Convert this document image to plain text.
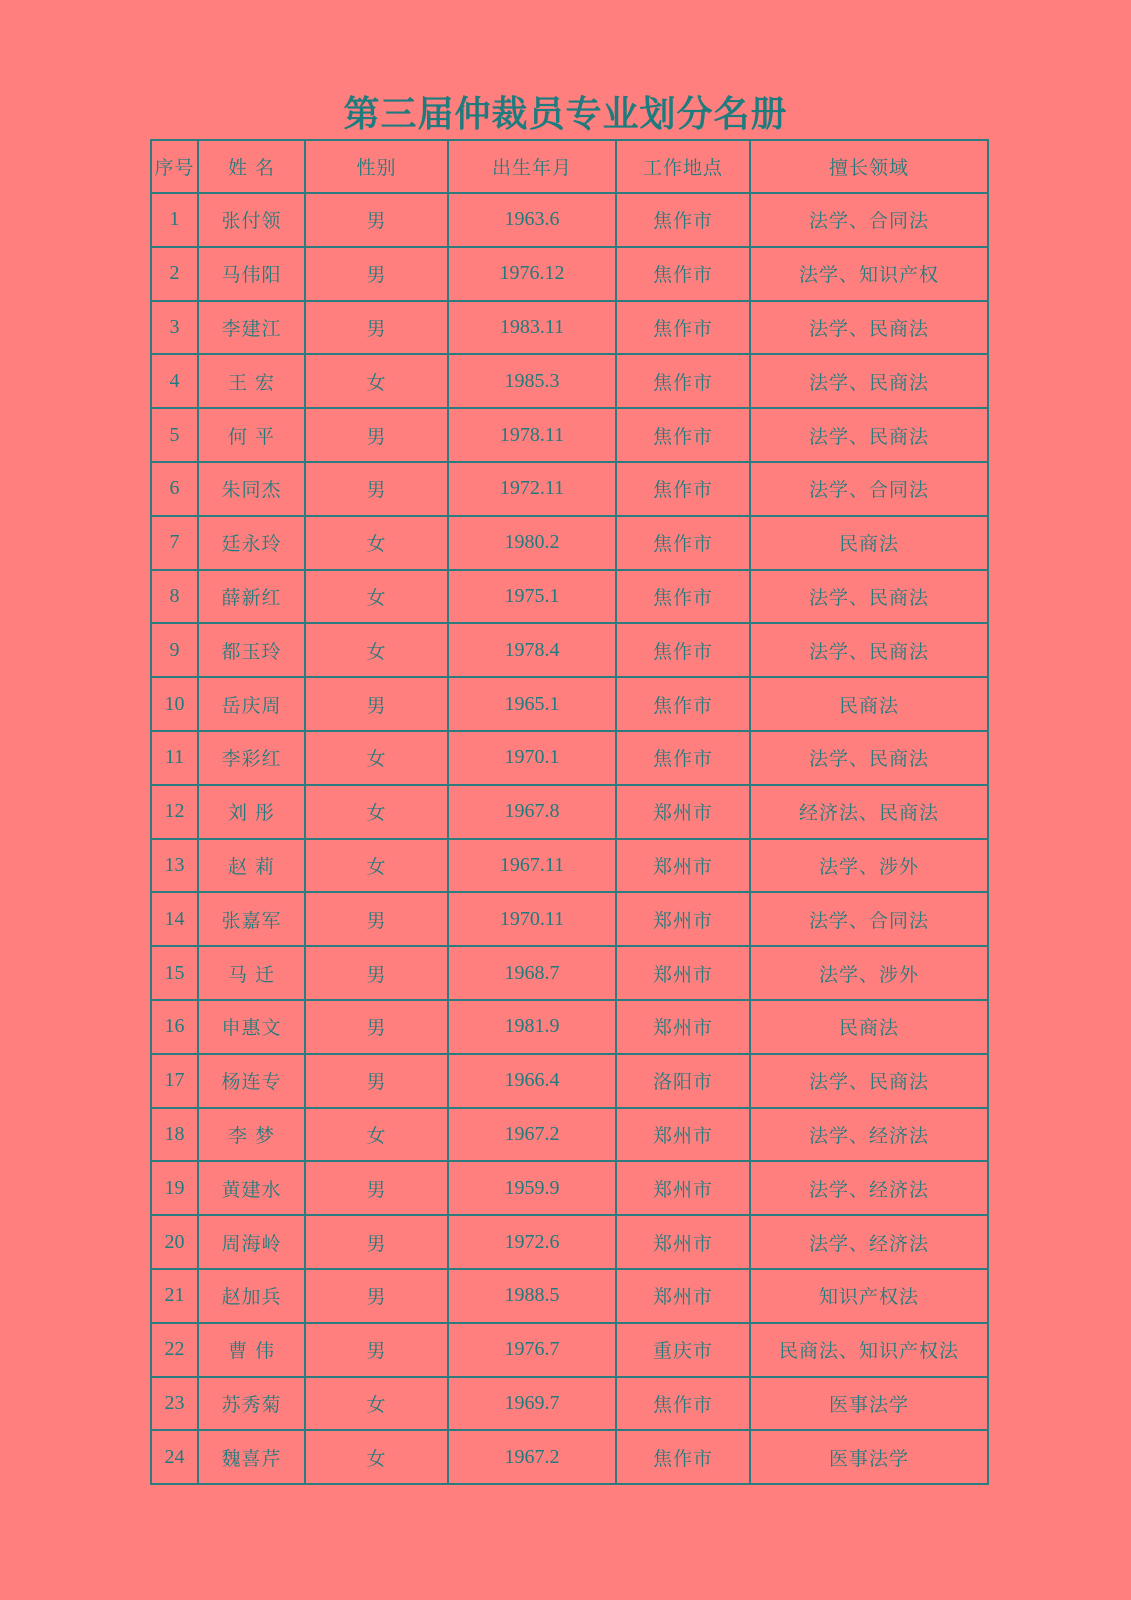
第三届仲裁员专业划分名册
序号	姓 名	性别	出生年月	工作地点	擅长领域
1	张付领	男	1963.6	焦作市	法学、合同法
2	马伟阳	男	1976.12	焦作市	法学、知识产权
3	李建江	男	1983.11	焦作市	法学、民商法
4	王 宏	女	1985.3	焦作市	法学、民商法
5	何 平	男	1978.11	焦作市	法学、民商法
6	朱同杰	男	1972.11	焦作市	法学、合同法
7	廷永玲	女	1980.2	焦作市	民商法
8	薛新红	女	1975.1	焦作市	法学、民商法
9	都玉玲	女	1978.4	焦作市	法学、民商法
10	岳庆周	男	1965.1	焦作市	民商法
11	李彩红	女	1970.1	焦作市	法学、民商法
12	刘 彤	女	1967.8	郑州市	经济法、民商法
13	赵 莉	女	1967.11	郑州市	法学、涉外
14	张嘉军	男	1970.11	郑州市	法学、合同法
15	马 迁	男	1968.7	郑州市	法学、涉外
16	申惠文	男	1981.9	郑州市	民商法
17	杨连专	男	1966.4	洛阳市	法学、民商法
18	李 梦	女	1967.2	郑州市	法学、经济法
19	黄建水	男	1959.9	郑州市	法学、经济法
20	周海岭	男	1972.6	郑州市	法学、经济法
21	赵加兵	男	1988.5	郑州市	知识产权法
22	曹 伟	男	1976.7	重庆市	民商法、知识产权法
23	苏秀菊	女	1969.7	焦作市	医事法学
24	魏喜芹	女	1967.2	焦作市	医事法学
